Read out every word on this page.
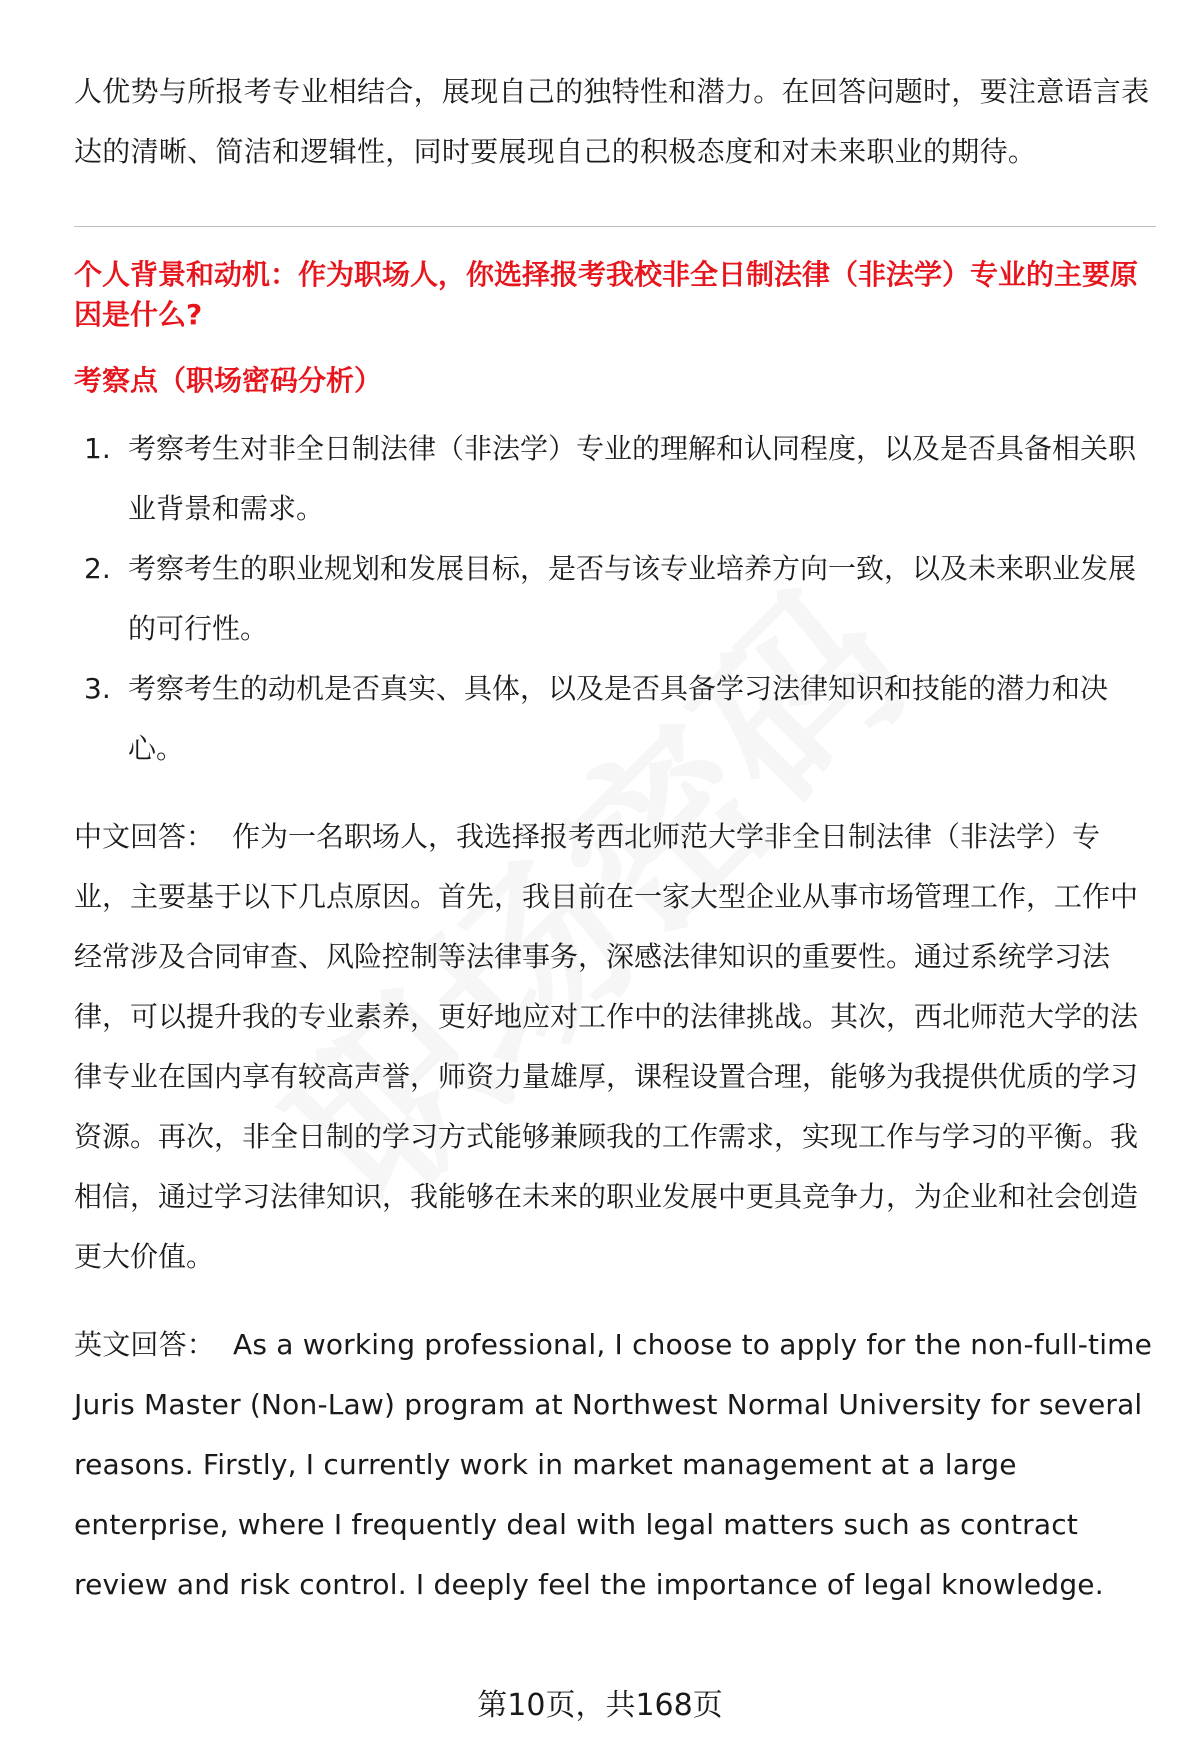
人优势与所报考专业相结合，展现自己的独特性和潜力。在回答问题时，要注意语言表达的清晰、简洁和逻辑性，同时要展现自己的积极态度和对未来职业的期待。

个人背景和动机：作为职场人，你选择报考我校非全日制法律（非法学）专业的主要原因是什么?

考察点（职场密码分析）

1. 考察考生对非全日制法律（非法学）专业的理解和认同程度，以及是否具备相关职业背景和需求。
2. 考察考生的职业规划和发展目标，是否与该专业培养方向一致，以及未来职业发展的可行性。
3. 考察考生的动机是否真实、具体，以及是否具备学习法律知识和技能的潜力和决心。

中文回答： 作为一名职场人，我选择报考西北师范大学非全日制法律（非法学）专业，主要基于以下几点原因。首先，我目前在一家大型企业从事市场管理工作，工作中经常涉及合同审查、风险控制等法律事务，深感法律知识的重要性。通过系统学习法律，可以提升我的专业素养，更好地应对工作中的法律挑战。其次，西北师范大学的法律专业在国内享有较高声誉，师资力量雄厚，课程设置合理，能够为我提供优质的学习资源。再次，非全日制的学习方式能够兼顾我的工作需求，实现工作与学习的平衡。我相信，通过学习法律知识，我能够在未来的职业发展中更具竞争力，为企业和社会创造更大价值。

英文回答： As a working professional, I choose to apply for the non-full-time Juris Master (Non-Law) program at Northwest Normal University for several reasons. Firstly, I currently work in market management at a large enterprise, where I frequently deal with legal matters such as contract review and risk control. I deeply feel the importance of legal knowledge.

第10页，共168页
